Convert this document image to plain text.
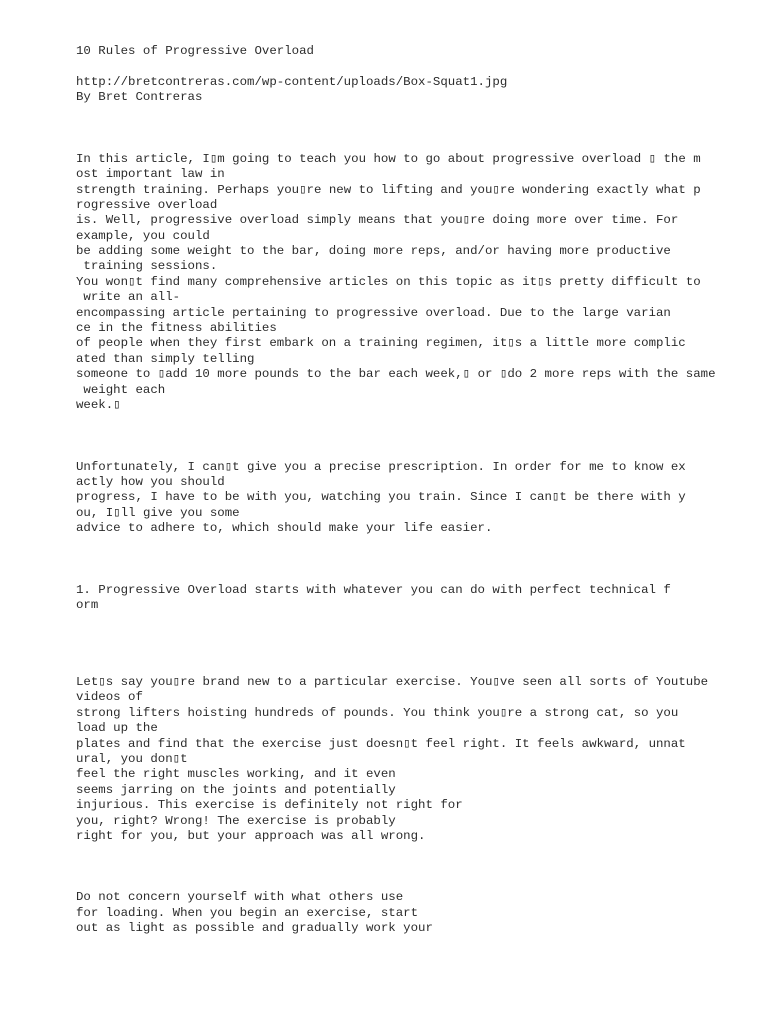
10 Rules of Progressive Overload
http://bretcontreras.com/wp-content/uploads/Box-Squat1.jpg
By Bret Contreras
In this article, I▯m going to teach you how to go about progressive overload ▯ the m
ost important law in
strength training. Perhaps you▯re new to lifting and you▯re wondering exactly what p
rogressive overload
is. Well, progressive overload simply means that you▯re doing more over time. For
example, you could
be adding some weight to the bar, doing more reps, and/or having more productive
training sessions.
You won▯t find many comprehensive articles on this topic as it▯s pretty difficult to
write an all-
encompassing article pertaining to progressive overload. Due to the large varian
ce in the fitness abilities
of people when they first embark on a training regimen, it▯s a little more complic
ated than simply telling
someone to ▯add 10 more pounds to the bar each week,▯ or ▯do 2 more reps with the same
weight each
week.▯
Unfortunately, I can▯t give you a precise prescription. In order for me to know ex
actly how you should
progress, I have to be with you, watching you train. Since I can▯t be there with y
ou, I▯ll give you some
advice to adhere to, which should make your life easier.
1. Progressive Overload starts with whatever you can do with perfect technical f
orm
Let▯s say you▯re brand new to a particular exercise. You▯ve seen all sorts of Youtube
videos of
strong lifters hoisting hundreds of pounds. You think you▯re a strong cat, so you
load up the
plates and find that the exercise just doesn▯t feel right. It feels awkward, unnat
ural, you don▯t
feel the right muscles working, and it even
seems jarring on the joints and potentially
injurious. This exercise is definitely not right for
you, right? Wrong! The exercise is probably
right for you, but your approach was all wrong.
Do not concern yourself with what others use
for loading. When you begin an exercise, start
out as light as possible and gradually work your
